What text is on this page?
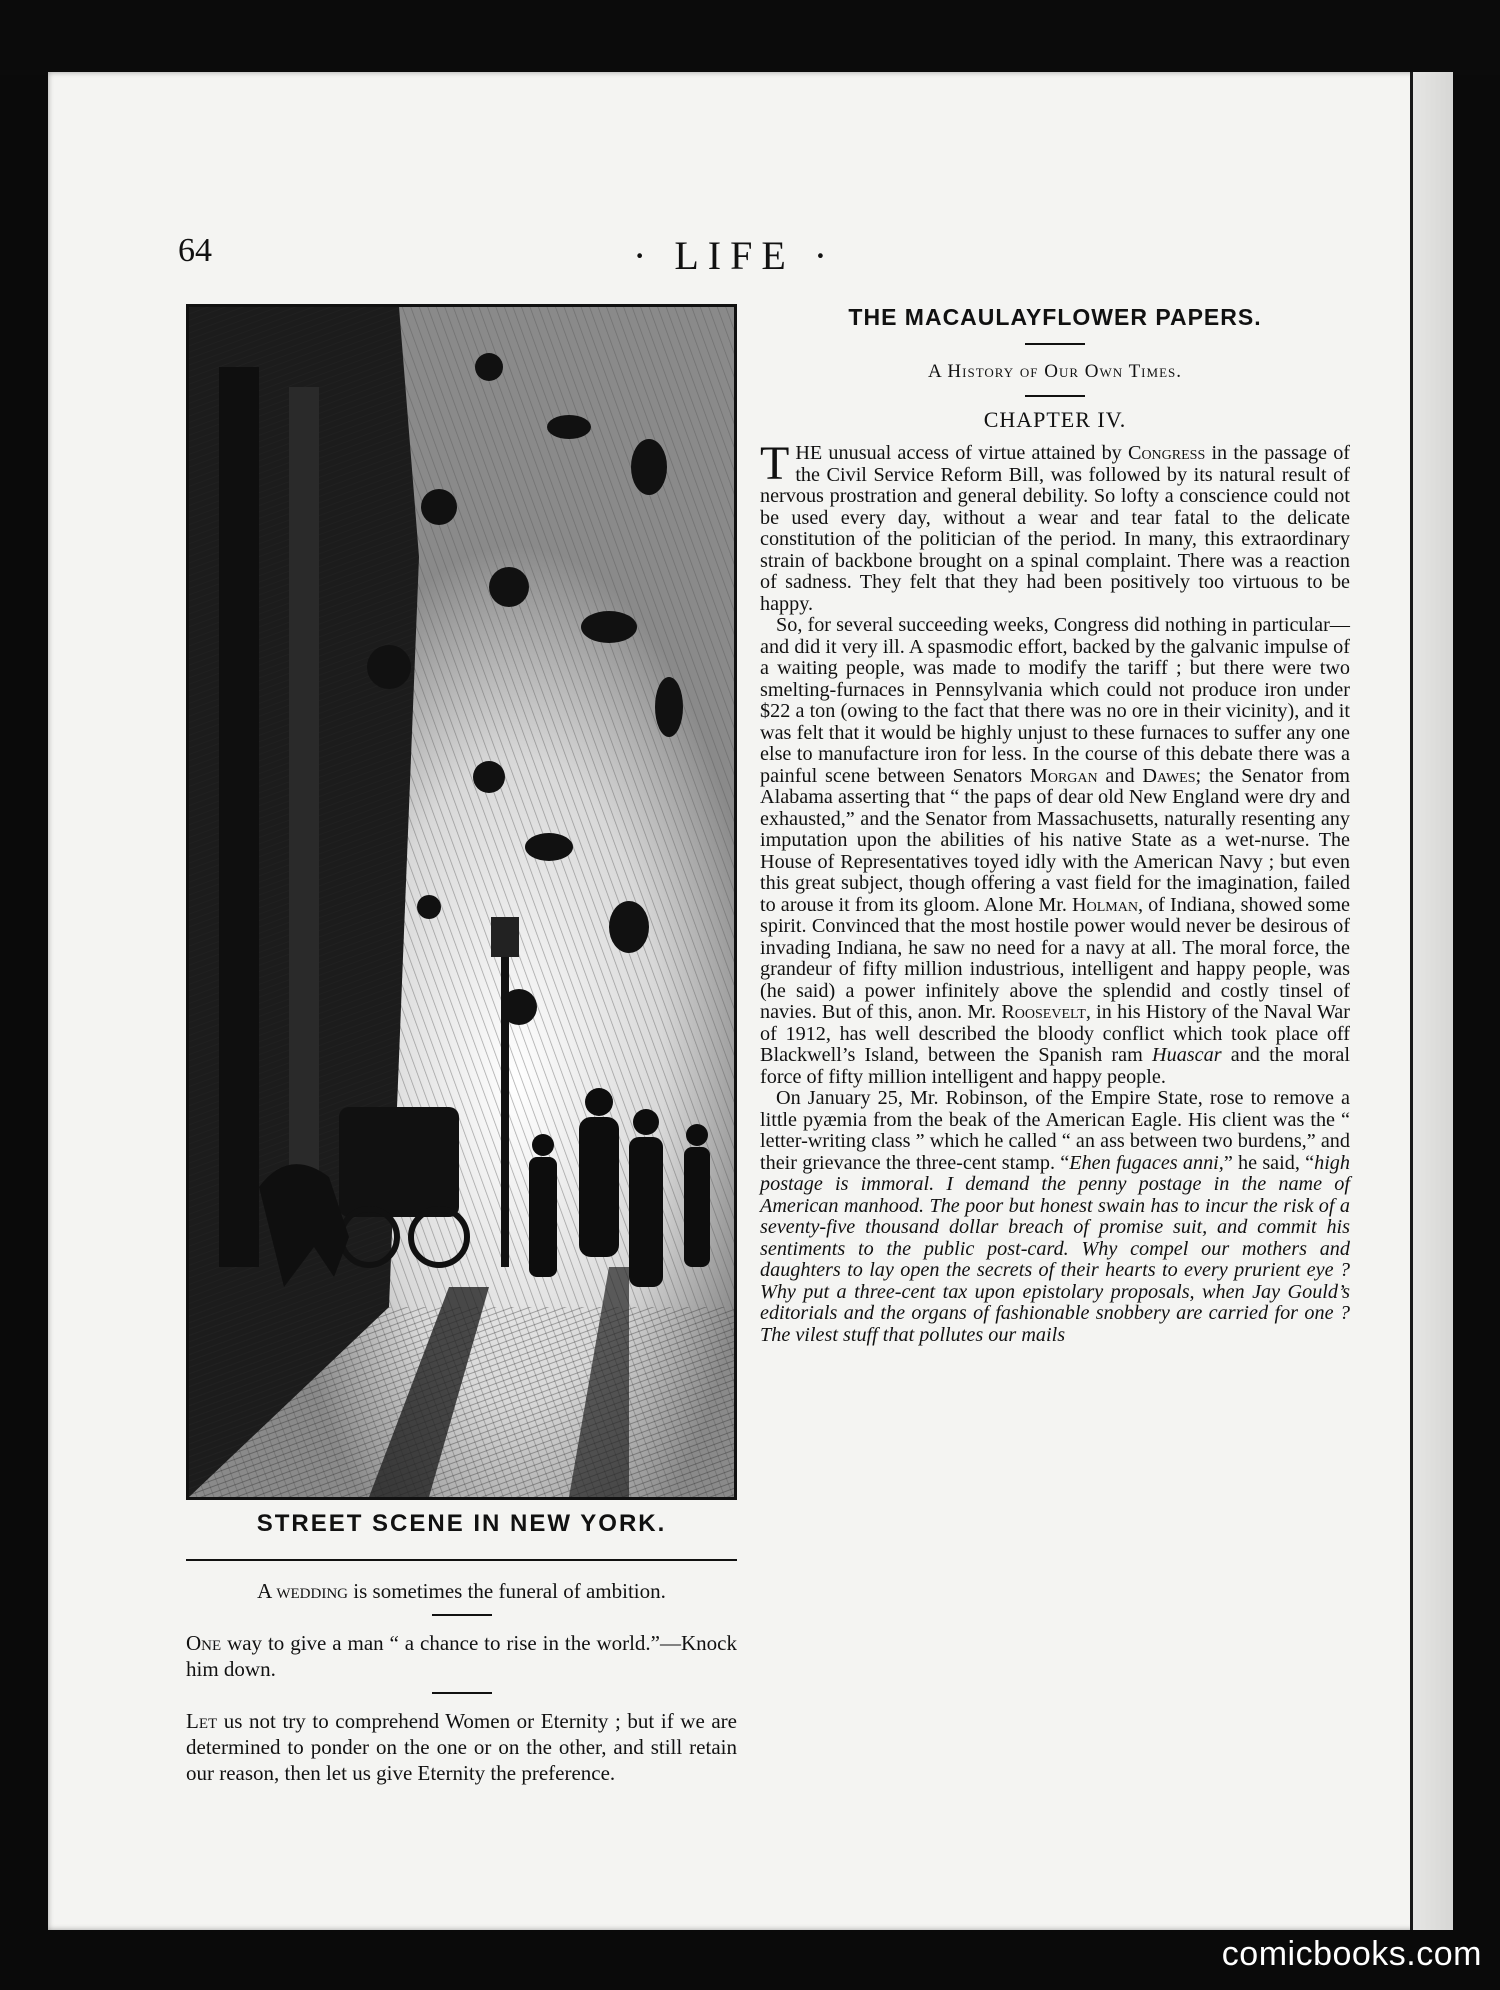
64	· LIFE ·
STREET SCENE IN NEW YORK.

A wedding is sometimes the funeral of ambition.

One way to give a man “ a chance to rise in the world.”—Knock him down.

Let us not try to comprehend Women or Eternity ; but if we are determined to ponder on the one or on the other, and still retain our reason, then let us give Eternity the preference.

THE MACAULAYFLOWER PAPERS.

A History of Our Own Times.

CHAPTER IV.

THE unusual access of virtue attained by Congress in the passage of the Civil Service Reform Bill, was followed by its natural result of nervous prostration and general debility. So lofty a conscience could not be used every day, without a wear and tear fatal to the delicate constitution of the politician of the period. In many, this extraordinary strain of backbone brought on a spinal complaint. There was a reaction of sadness. They felt that they had been positively too virtuous to be happy.

So, for several succeeding weeks, Congress did nothing in particular—and did it very ill. A spasmodic effort, backed by the galvanic impulse of a waiting people, was made to modify the tariff ; but there were two smelting-furnaces in Pennsylvania which could not produce iron under $22 a ton (owing to the fact that there was no ore in their vicinity), and it was felt that it would be highly unjust to these furnaces to suffer any one else to manufacture iron for less. In the course of this debate there was a painful scene between Senators Morgan and Dawes; the Senator from Alabama asserting that “ the paps of dear old New England were dry and exhausted,” and the Senator from Massachusetts, naturally resenting any imputation upon the abilities of his native State as a wet-nurse. The House of Representatives toyed idly with the American Navy ; but even this great subject, though offering a vast field for the imagination, failed to arouse it from its gloom. Alone Mr. Holman, of Indiana, showed some spirit. Convinced that the most hostile power would never be desirous of invading Indiana, he saw no need for a navy at all. The moral force, the grandeur of fifty million industrious, intelligent and happy people, was (he said) a power infinitely above the splendid and costly tinsel of navies. But of this, anon. Mr. Roosevelt, in his History of the Naval War of 1912, has well described the bloody conflict which took place off Blackwell’s Island, between the Spanish ram Huascar and the moral force of fifty million intelligent and happy people.

On January 25, Mr. Robinson, of the Empire State, rose to remove a little pyæmia from the beak of the American Eagle. His client was the “ letter-writing class ” which he called “ an ass between two burdens,” and their grievance the three-cent stamp. “Ehen fugaces anni,” he said, “high postage is immoral. I demand the penny postage in the name of American manhood. The poor but honest swain has to incur the risk of a seventy-five thousand dollar breach of promise suit, and commit his sentiments to the public post-card. Why compel our mothers and daughters to lay open the secrets of their hearts to every prurient eye ? Why put a three-cent tax upon epistolary proposals, when Jay Gould’s editorials and the organs of fashionable snobbery are carried for one ? The vilest stuff that pollutes our mails

comicbooks.com
